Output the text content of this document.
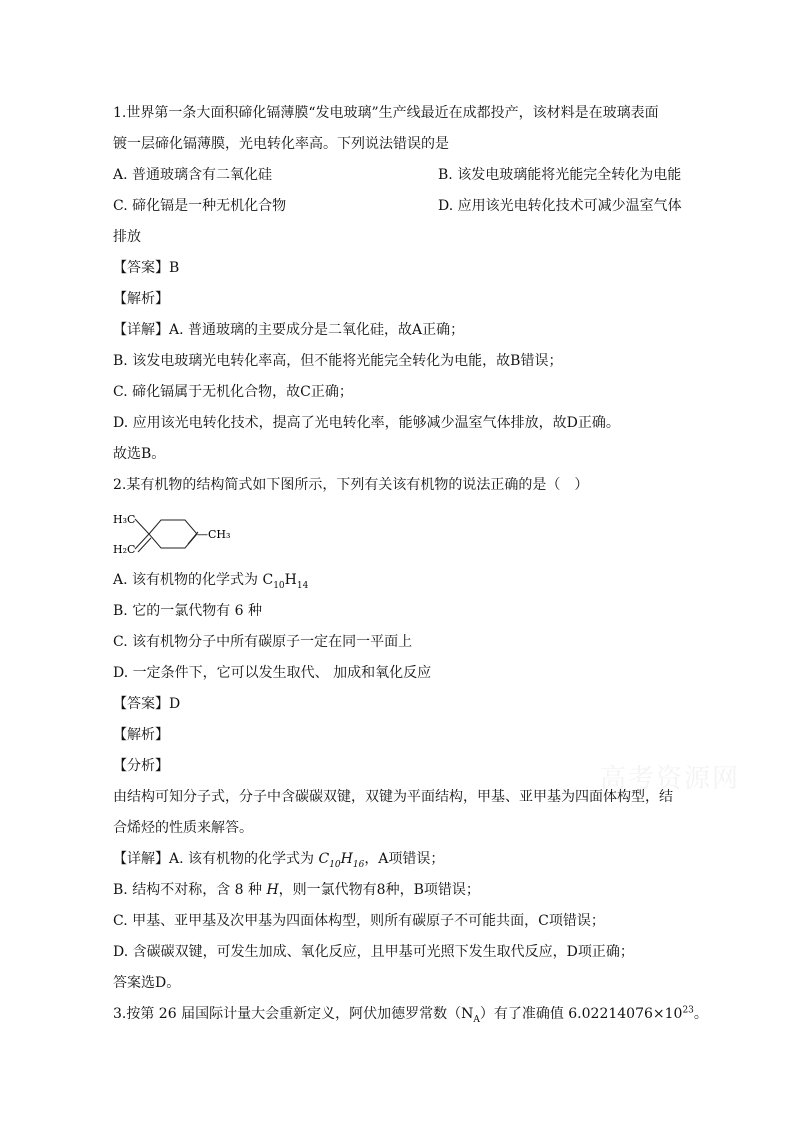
高考资源网
1.世界第一条大面积碲化镉薄膜“发电玻璃”生产线最近在成都投产，该材料是在玻璃表面
镀一层碲化镉薄膜，光电转化率高。下列说法错误的是
A. 普通玻璃含有二氧化硅	B. 该发电玻璃能将光能完全转化为电能
C. 碲化镉是一种无机化合物	D. 应用该光电转化技术可减少温室气体
排放
【答案】B
【解析】
【详解】A. 普通玻璃的主要成分是二氧化硅，故A正确；
B. 该发电玻璃光电转化率高，但不能将光能完全转化为电能，故B错误；
C. 碲化镉属于无机化合物，故C正确；
D. 应用该光电转化技术，提高了光电转化率，能够减少温室气体排放，故D正确。
故选B。
2.某有机物的结构简式如下图所示，下列有关该有机物的说法正确的是（　）
H₃C
H₂C
—CH₃
A. 该有机物的化学式为 $C_{10}H_{14}$
B. 它的一氯代物有 6 种
C. 该有机物分子中所有碳原子一定在同一平面上
D. 一定条件下，它可以发生取代、 加成和氧化反应
【答案】D
【解析】
【分析】
由结构可知分子式，分子中含碳碳双键，双键为平面结构，甲基、亚甲基为四面体构型，结
合烯烃的性质来解答。
【详解】A. 该有机物的化学式为 $C_{10}H_{16}$，A项错误；
B. 结构不对称，含 8 种 H，则一氯代物有8种，B项错误；
C. 甲基、亚甲基及次甲基为四面体构型，则所有碳原子不可能共面，C项错误；
D. 含碳碳双键，可发生加成、氧化反应，且甲基可光照下发生取代反应，D项正确；
答案选D。
3.按第 26 届国际计量大会重新定义，阿伏加德罗常数$(N_A)$有了准确值 $6.02214076\times 10^{23}$。
